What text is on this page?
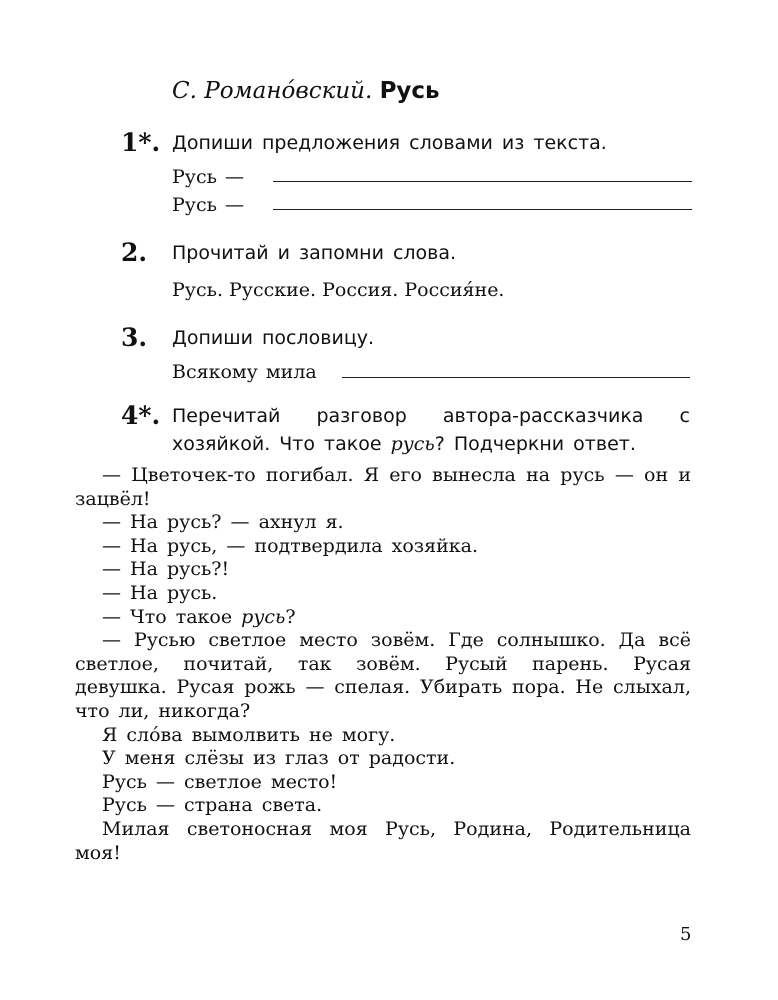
С. Романо́вский. Русь
1*. Допиши предложения словами из текста.
Русь —
Русь —
2. Прочитай и запомни слова.
Русь. Русские. Россия. Россия́не.
3. Допиши пословицу.
Всякому мила
4*. Перечитай разговор автора-рассказчика с хозяйкой. Что такое русь? Подчеркни ответ.

— Цветочек-то погибал. Я его вынесла на русь — он и зацвёл!

— На русь? — ахнул я.

— На русь, — подтвердила хозяйка.

— На русь?!

— На русь.

— Что такое русь?

— Русью светлое место зовём. Где солнышко. Да всё светлое, почитай, так зовём. Русый парень. Русая девушка. Русая рожь — спелая. Убирать пора. Не слыхал, что ли, никогда?

Я сло́ва вымолвить не могу.

У меня слёзы из глаз от радости.

Русь — светлое место!

Русь — страна света.

Милая светоносная моя Русь, Родина, Родительница моя!

5
